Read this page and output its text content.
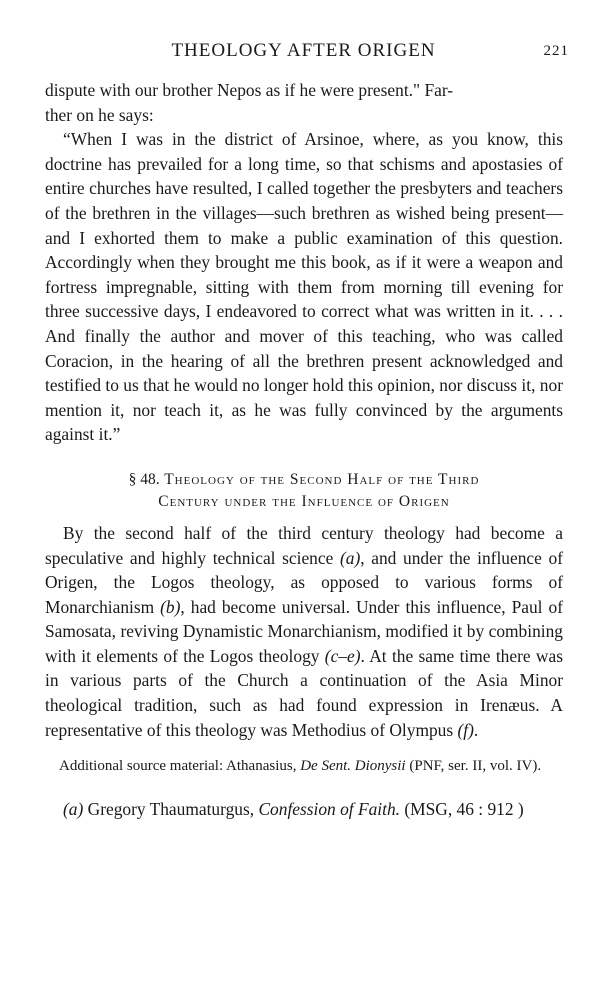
THEOLOGY AFTER ORIGEN	221

dispute with our brother Nepos as if he were present." Far-

ther on he says:

“When I was in the district of Arsinoe, where, as you know, this doctrine has prevailed for a long time, so that schisms and apostasies of entire churches have resulted, I called together the presbyters and teachers of the brethren in the villages—such brethren as wished being present—and I exhorted them to make a public examination of this question. Accordingly when they brought me this book, as if it were a weapon and fortress impregnable, sitting with them from morning till evening for three successive days, I endeavored to correct what was written in it. . . . And finally the author and mover of this teaching, who was called Coracion, in the hearing of all the brethren present acknowledged and testified to us that he would no longer hold this opinion, nor discuss it, nor mention it, nor teach it, as he was fully convinced by the arguments against it.”

§ 48. Theology of the Second Half of the Third
Century under the Influence of Origen

By the second half of the third century theology had become a speculative and highly technical science (a), and under the influence of Origen, the Logos theology, as opposed to various forms of Monarchianism (b), had become universal. Under this influence, Paul of Samosata, reviving Dynamistic Monarchianism, modified it by combining with it elements of the Logos theology (c–e). At the same time there was in various parts of the Church a continuation of the Asia Minor theological tradition, such as had found expression in Irenæus. A representative of this theology was Methodius of Olympus (f).

Additional source material: Athanasius, De Sent. Dionysii (PNF, ser. II, vol. IV).

(a) Gregory Thaumaturgus, Confession of Faith. (MSG, 46 : 912 )
